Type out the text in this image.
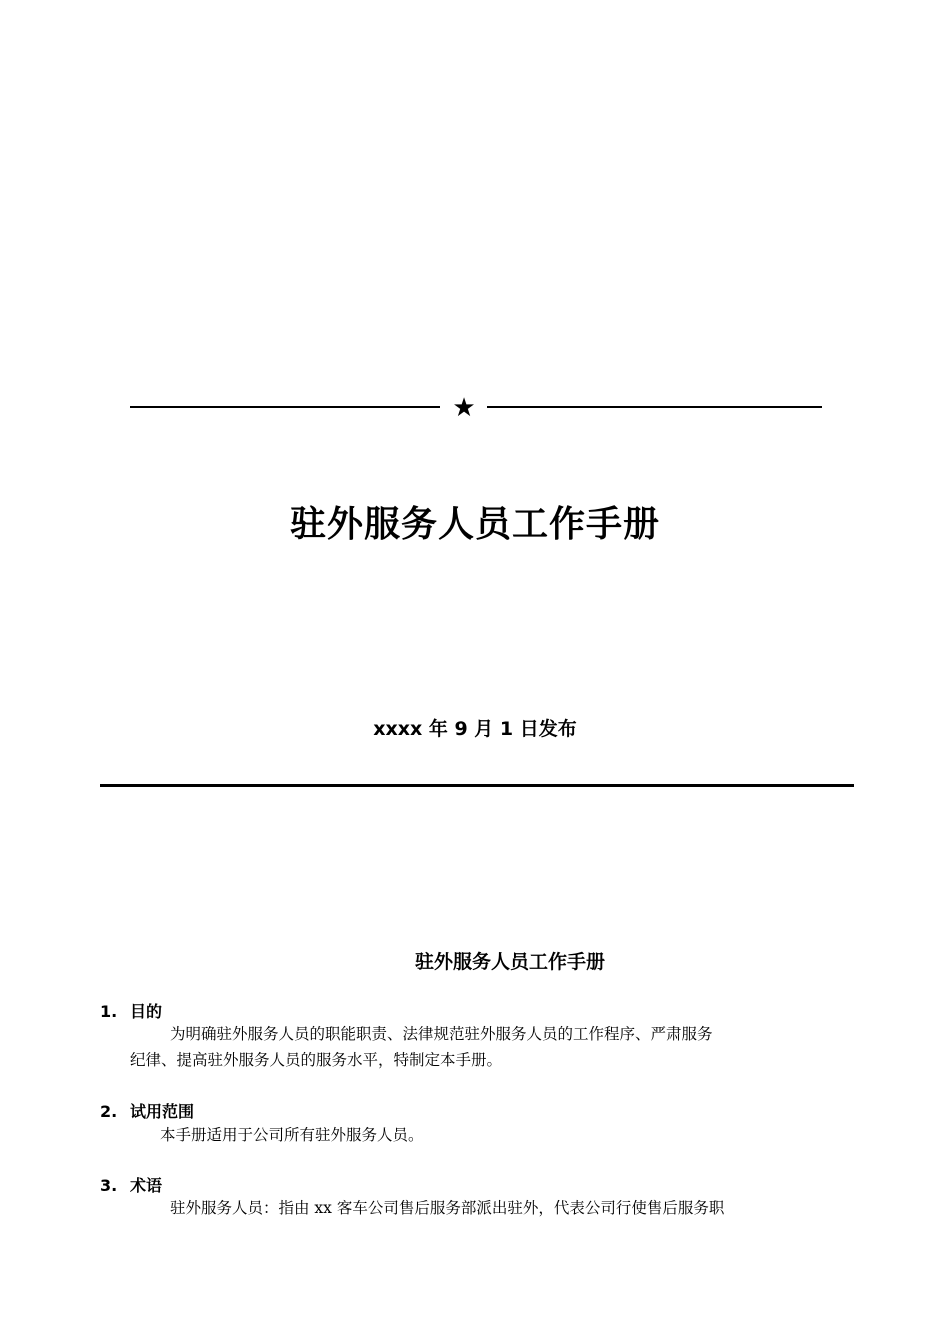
★
驻外服务人员工作手册
xxxx 年 9 月 1 日发布
驻外服务人员工作手册
1. 目的
为明确驻外服务人员的职能职责、法律规范驻外服务人员的工作程序、严肃服务
纪律、提高驻外服务人员的服务水平，特制定本手册。
2. 试用范围
本手册适用于公司所有驻外服务人员。
3. 术语
驻外服务人员：指由 xx 客车公司售后服务部派出驻外，代表公司行使售后服务职
